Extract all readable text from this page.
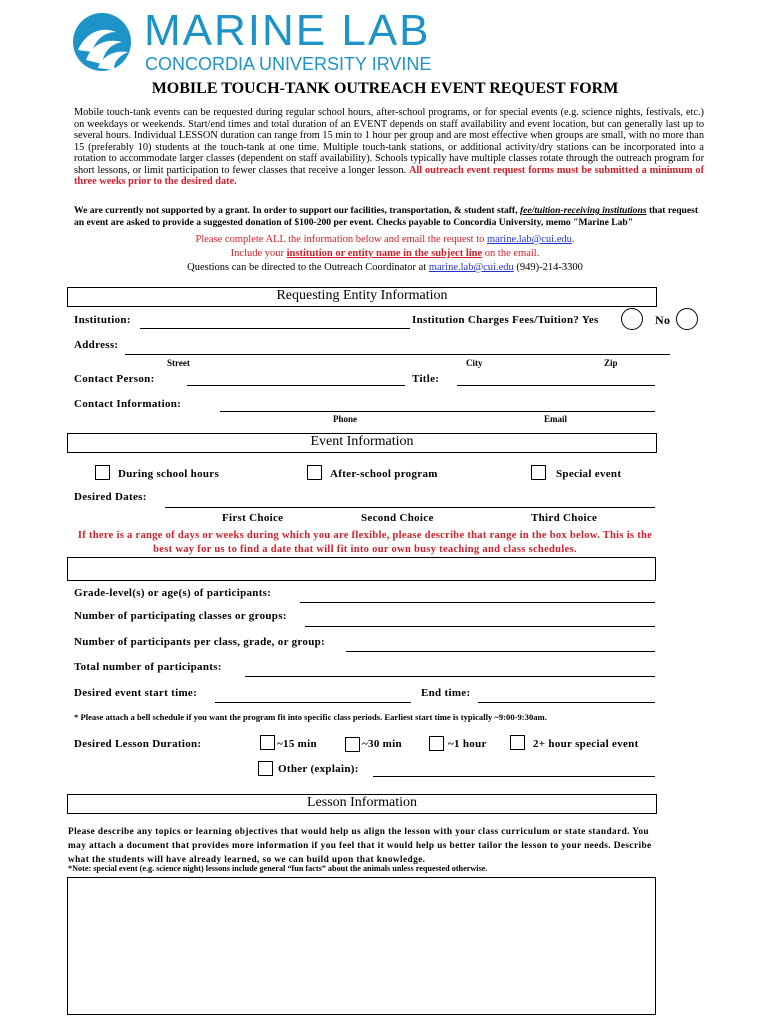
MARINE LAB
CONCORDIA UNIVERSITY IRVINE
MOBILE TOUCH-TANK OUTREACH EVENT REQUEST FORM
Mobile touch-tank events can be requested during regular school hours, after-school programs, or for special events (e.g. science nights, festivals, etc.) on weekdays or weekends. Start/end times and total duration of an EVENT depends on staff availability and event location, but can generally last up to several hours. Individual LESSON duration can range from 15 min to 1 hour per group and are most effective when groups are small, with no more than 15 (preferably 10) students at the touch-tank at one time. Multiple touch-tank stations, or additional activity/dry stations can be incorporated into a rotation to accommodate larger classes (dependent on staff availability). Schools typically have multiple classes rotate through the outreach program for short lessons, or limit participation to fewer classes that receive a longer lesson. All outreach event request forms must be submitted a minimum of three weeks prior to the desired date.
We are currently not supported by a grant. In order to support our facilities, transportation, & student staff, fee/tuition-receiving institutions that request an event are asked to provide a suggested donation of $100-200 per event. Checks payable to Concordia University, memo "Marine Lab"
Please complete ALL the information below and email the request to marine.lab@cui.edu.
Include your institution or entity name in the subject line on the email.
Questions can be directed to the Outreach Coordinator at marine.lab@cui.edu (949)-214-3300
Requesting Entity Information
Institution:	Institution Charges Fees/Tuition? Yes	No
Address:
Street	City	Zip
Contact Person:	Title:
Contact Information:
Phone	Email
Event Information
During school hours	After-school program	Special event
Desired Dates:
First Choice	Second Choice	Third Choice
If there is a range of days or weeks during which you are flexible, please describe that range in the box below. This is the best way for us to find a date that will fit into our own busy teaching and class schedules.
Grade-level(s) or age(s) of participants:
Number of participating classes or groups:
Number of participants per class, grade, or group:
Total number of participants:
Desired event start time:	End time:
* Please attach a bell schedule if you want the program fit into specific class periods. Earliest start time is typically ~9:00-9:30am.
Desired Lesson Duration:	~15 min	~30 min	~1 hour	2+ hour special event
Other (explain):
Lesson Information
Please describe any topics or learning objectives that would help us align the lesson with your class curriculum or state standard. You may attach a document that provides more information if you feel that it would help us better tailor the lesson to your needs. Describe what the students will have already learned, so we can build upon that knowledge.
*Note: special event (e.g. science night) lessons include general “fun facts” about the animals unless requested otherwise.
